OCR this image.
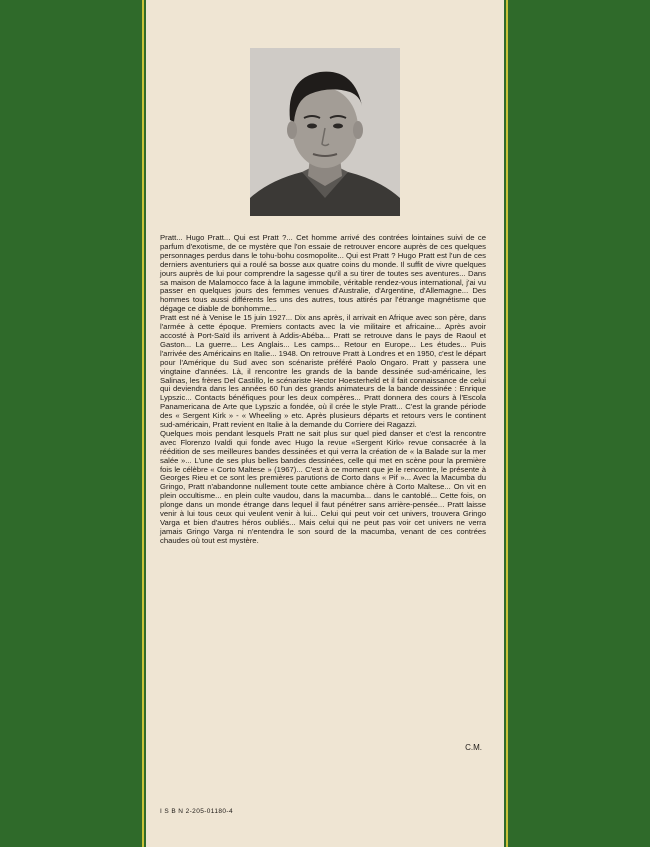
Pratt... Hugo Pratt... Qui est Pratt ?... Cet homme arrivé des contrées lointaines suivi de ce parfum d'exotisme, de ce mystère que l'on essaie de retrouver encore auprès de ces quelques personnages perdus dans le tohu-bohu cosmopolite... Qui est Pratt ? Hugo Pratt est l'un de ces derniers aventuriers qui a roulé sa bosse aux quatre coins du monde. Il suffit de vivre quelques jours auprès de lui pour comprendre la sagesse qu'il a su tirer de toutes ses aventures... Dans sa maison de Malamocco face à la lagune immobile, véritable rendez-vous international, j'ai vu passer en quelques jours des femmes venues d'Australie, d'Argentine, d'Allemagne... Des hommes tous aussi différents les uns des autres, tous attirés par l'étrange magnétisme que dégage ce diable de bonhomme...

Pratt est né à Venise le 15 juin 1927... Dix ans après, il arrivait en Afrique avec son père, dans l'armée à cette époque. Premiers contacts avec la vie militaire et africaine... Après avoir accosté à Port-Saïd ils arrivent à Addis-Abéba... Pratt se retrouve dans le pays de Raoul et Gaston... La guerre... Les Anglais... Les camps... Retour en Europe... Les études... Puis l'arrivée des Américains en Italie... 1948. On retrouve Pratt à Londres et en 1950, c'est le départ pour l'Amérique du Sud avec son scénariste préféré Paolo Ongaro. Pratt y passera une vingtaine d'années. Là, il rencontre les grands de la bande dessinée sud-américaine, les Salinas, les frères Del Castillo, le scénariste Hector Hoesterheld et il fait connaissance de celui qui deviendra dans les années 60 l'un des grands animateurs de la bande dessinée : Enrique Lypszic... Contacts bénéfiques pour les deux compères... Pratt donnera des cours à l'Escola Panamericana de Arte que Lypszic a fondée, où il crée le style Pratt... C'est la grande période des « Sergent Kirk » - « Wheeling » etc. Après plusieurs départs et retours vers le continent sud-américain, Pratt revient en Italie à la demande du Corriere dei Ragazzi.

Quelques mois pendant lesquels Pratt ne sait plus sur quel pied danser et c'est la rencontre avec Florenzo Ivaldi qui fonde avec Hugo la revue «Sergent Kirk» revue consacrée à la réédition de ses meilleures bandes dessinées et qui verra la création de « la Balade sur la mer salée »... L'une de ses plus belles bandes dessinées, celle qui met en scène pour la première fois le célèbre « Corto Maltese » (1967)... C'est à ce moment que je le rencontre, le présente à Georges Rieu et ce sont les premières parutions de Corto dans « Pif »... Avec la Macumba du Gringo, Pratt n'abandonne nullement toute cette ambiance chère à Corto Maltese... On vit en plein occultisme... en plein culte vaudou, dans la macumba... dans le cantoblé... Cette fois, on plonge dans un monde étrange dans lequel il faut pénétrer sans arrière-pensée... Pratt laisse venir à lui tous ceux qui veulent venir à lui... Celui qui peut voir cet univers, trouvera Gringo Varga et bien d'autres héros oubliés... Mais celui qui ne peut pas voir cet univers ne verra jamais Gringo Varga ni n'entendra le son sourd de la macumba, venant de ces contrées chaudes où tout est mystère.

C.M.
I S B N 2-205-01180-4
